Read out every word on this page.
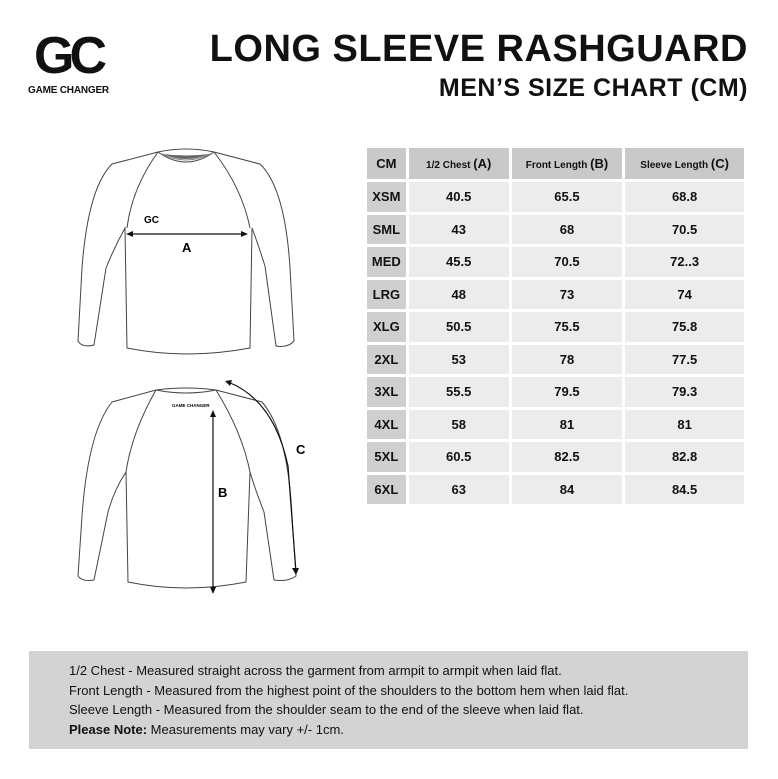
GC
GAME CHANGER
LONG SLEEVE RASHGUARD
MEN’S SIZE CHART (CM)
GC
A
GAME CHANGER
B
C
CM	1/2 Chest (A)	Front Length (B)	Sleeve Length (C)
XSM	40.5	65.5	68.8
SML	43	68	70.5
MED	45.5	70.5	72..3
LRG	48	73	74
XLG	50.5	75.5	75.8
2XL	53	78	77.5
3XL	55.5	79.5	79.3
4XL	58	81	81
5XL	60.5	82.5	82.8
6XL	63	84	84.5
1/2 Chest - Measured straight across the garment from armpit to armpit when laid flat.
Front Length - Measured from the highest point of the shoulders to the bottom hem when laid flat.
Sleeve Length - Measured from the shoulder seam to the end of the sleeve when laid flat.
Please Note: Measurements may vary +/- 1cm.
